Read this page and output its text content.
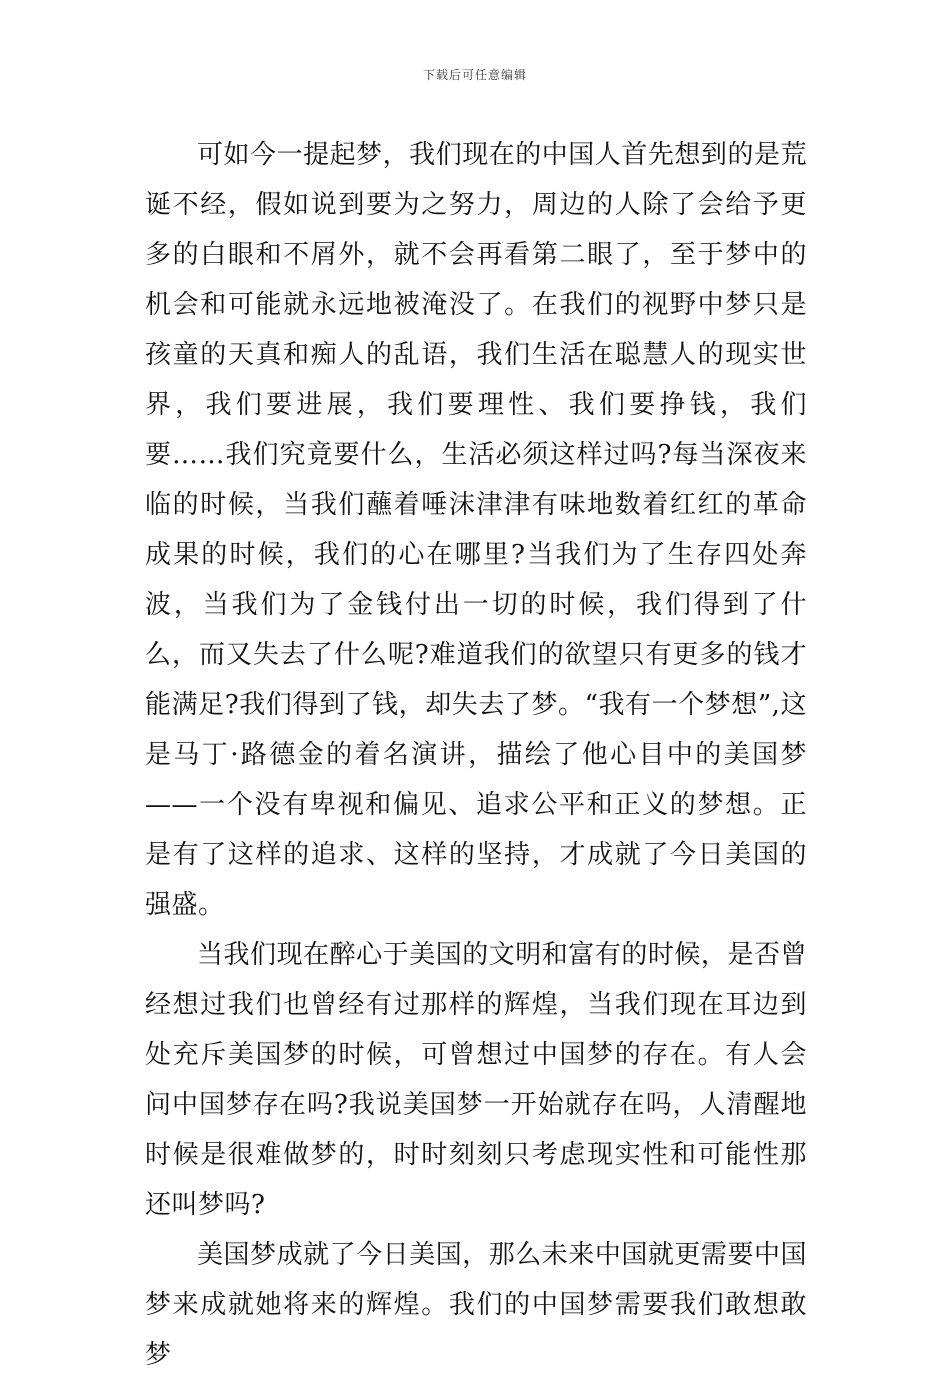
下载后可任意编辑

可如今一提起梦，我们现在的中国人首先想到的是荒诞不经，假如说到要为之努力，周边的人除了会给予更多的白眼和不屑外，就不会再看第二眼了，至于梦中的机会和可能就永远地被淹没了。在我们的视野中梦只是孩童的天真和痴人的乱语，我们生活在聪慧人的现实世界，我们要进展，我们要理性、我们要挣钱，我们要……我们究竟要什么，生活必须这样过吗?每当深夜来临的时候，当我们蘸着唾沫津津有味地数着红红的革命成果的时候，我们的心在哪里?当我们为了生存四处奔波，当我们为了金钱付出一切的时候，我们得到了什么，而又失去了什么呢?难道我们的欲望只有更多的钱才能满足?我们得到了钱，却失去了梦。“我有一个梦想”,这是马丁·路德金的着名演讲，描绘了他心目中的美国梦——一个没有卑视和偏见、追求公平和正义的梦想。正是有了这样的追求、这样的坚持，才成就了今日美国的强盛。

当我们现在醉心于美国的文明和富有的时候，是否曾经想过我们也曾经有过那样的辉煌，当我们现在耳边到处充斥美国梦的时候，可曾想过中国梦的存在。有人会问中国梦存在吗?我说美国梦一开始就存在吗，人清醒地时候是很难做梦的，时时刻刻只考虑现实性和可能性那还叫梦吗?

美国梦成就了今日美国，那么未来中国就更需要中国梦来成就她将来的辉煌。我们的中国梦需要我们敢想敢梦
